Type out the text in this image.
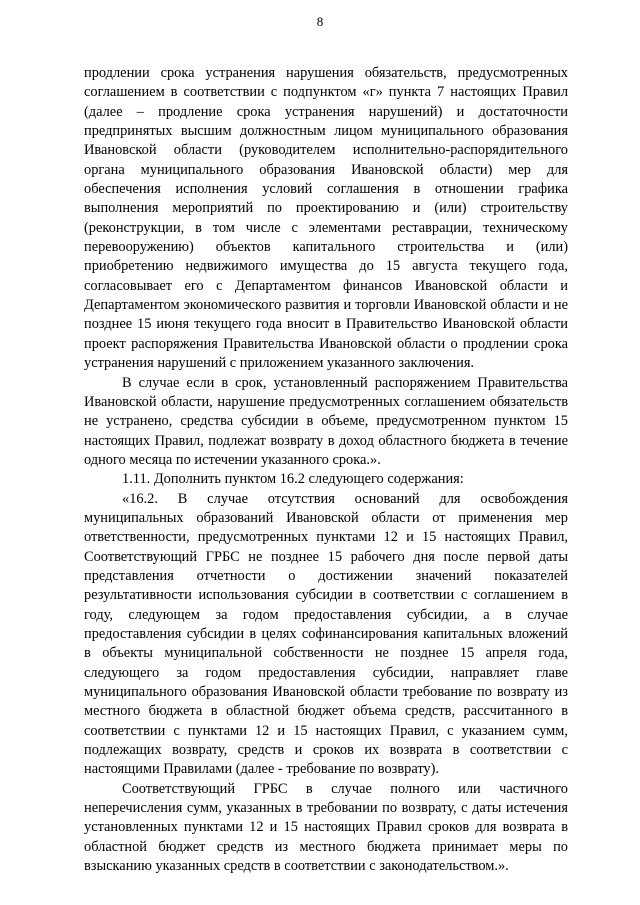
8

продлении срока устранения нарушения обязательств, предусмотренных соглашением в соответствии с подпунктом «г» пункта 7 настоящих Правил (далее – продление срока устранения нарушений) и достаточности предпринятых высшим должностным лицом муниципального образования Ивановской области (руководителем исполнительно-распорядительного органа муниципального образования Ивановской области) мер для обеспечения исполнения условий соглашения в отношении графика выполнения мероприятий по проектированию и (или) строительству (реконструкции, в том числе с элементами реставрации, техническому перевооружению) объектов капитального строительства и (или) приобретению недвижимого имущества до 15 августа текущего года, согласовывает его с Департаментом финансов Ивановской области и Департаментом экономического развития и торговли Ивановской области и не позднее 15 июня текущего года вносит в Правительство Ивановской области проект распоряжения Правительства Ивановской области о продлении срока устранения нарушений с приложением указанного заключения.

В случае если в срок, установленный распоряжением Правительства Ивановской области, нарушение предусмотренных соглашением обязательств не устранено, средства субсидии в объеме, предусмотренном пунктом 15 настоящих Правил, подлежат возврату в доход областного бюджета в течение одного месяца по истечении указанного срока.».

1.11. Дополнить пунктом 16.2 следующего содержания:

«16.2. В случае отсутствия оснований для освобождения муниципальных образований Ивановской области от применения мер ответственности, предусмотренных пунктами 12 и 15 настоящих Правил, Соответствующий ГРБС не позднее 15 рабочего дня после первой даты представления отчетности о достижении значений показателей результативности использования субсидии в соответствии с соглашением в году, следующем за годом предоставления субсидии, а в случае предоставления субсидии в целях софинансирования капитальных вложений в объекты муниципальной собственности не позднее 15 апреля года, следующего за годом предоставления субсидии, направляет главе муниципального образования Ивановской области требование по возврату из местного бюджета в областной бюджет объема средств, рассчитанного в соответствии с пунктами 12 и 15 настоящих Правил, с указанием сумм, подлежащих возврату, средств и сроков их возврата в соответствии с настоящими Правилами (далее - требование по возврату).

Соответствующий ГРБС в случае полного или частичного неперечисления сумм, указанных в требовании по возврату, с даты истечения установленных пунктами 12 и 15 настоящих Правил сроков для возврата в областной бюджет средств из местного бюджета принимает меры по взысканию указанных средств в соответствии с законодательством.».
